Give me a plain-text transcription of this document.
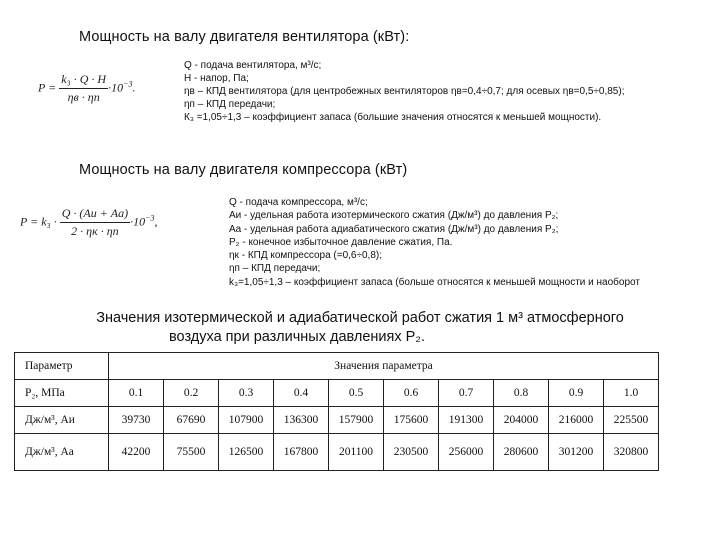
Мощность на валу двигателя вентилятора (кВт):
$P = \frac{\text{k₃ · Q · H}}{\eta в \cdot \eta п} \cdot 10^{-3}$.
Q - подача вентилятора, м³/с;
H - напор, Па;
ηв – КПД вентилятора (для центробежных вентиляторов ηв=0,4÷0,7; для осевых ηв=0,5÷0,85);
ηп – КПД передачи;
К₃ =1,05÷1,3 – коэффициент запаса (большие значения относятся к меньшей мощности).
Мощность на валу двигателя компрессора (кВт)
$P = k_3 \cdot \frac{Q \cdot (Aи + Aа)}{2 \cdot \eta к \cdot \eta п} \cdot 10^{-3}$,
Q - подача компрессора, м³/с;
Aи - удельная работа изотермического сжатия (Дж/м³) до давления P₂;
Aа - удельная работа адиабатического сжатия (Дж/м³) до давления P₂;
P₂ - конечное избыточное давление сжатия, Па.
ηк - КПД компрессора (=0,6÷0,8);
ηп – КПД передачи;
k₃=1,05÷1,3 – коэффициент запаса (больше относятся к меньшей мощности и наоборот
Значения изотермической и адиабатической работ сжатия 1 м³ атмосферного
воздуха при различных давлениях P₂.
Параметр	Значения параметра									
P₂, МПа	0.1	0.2	0.3	0.4	0.5	0.6	0.7	0.8	0.9	1.0
Дж/м³, Aи	39730	67690	107900	136300	157900	175600	191300	204000	216000	225500
Дж/м³, Aа	42200	75500	126500	167800	201100	230500	256000	280600	301200	320800
